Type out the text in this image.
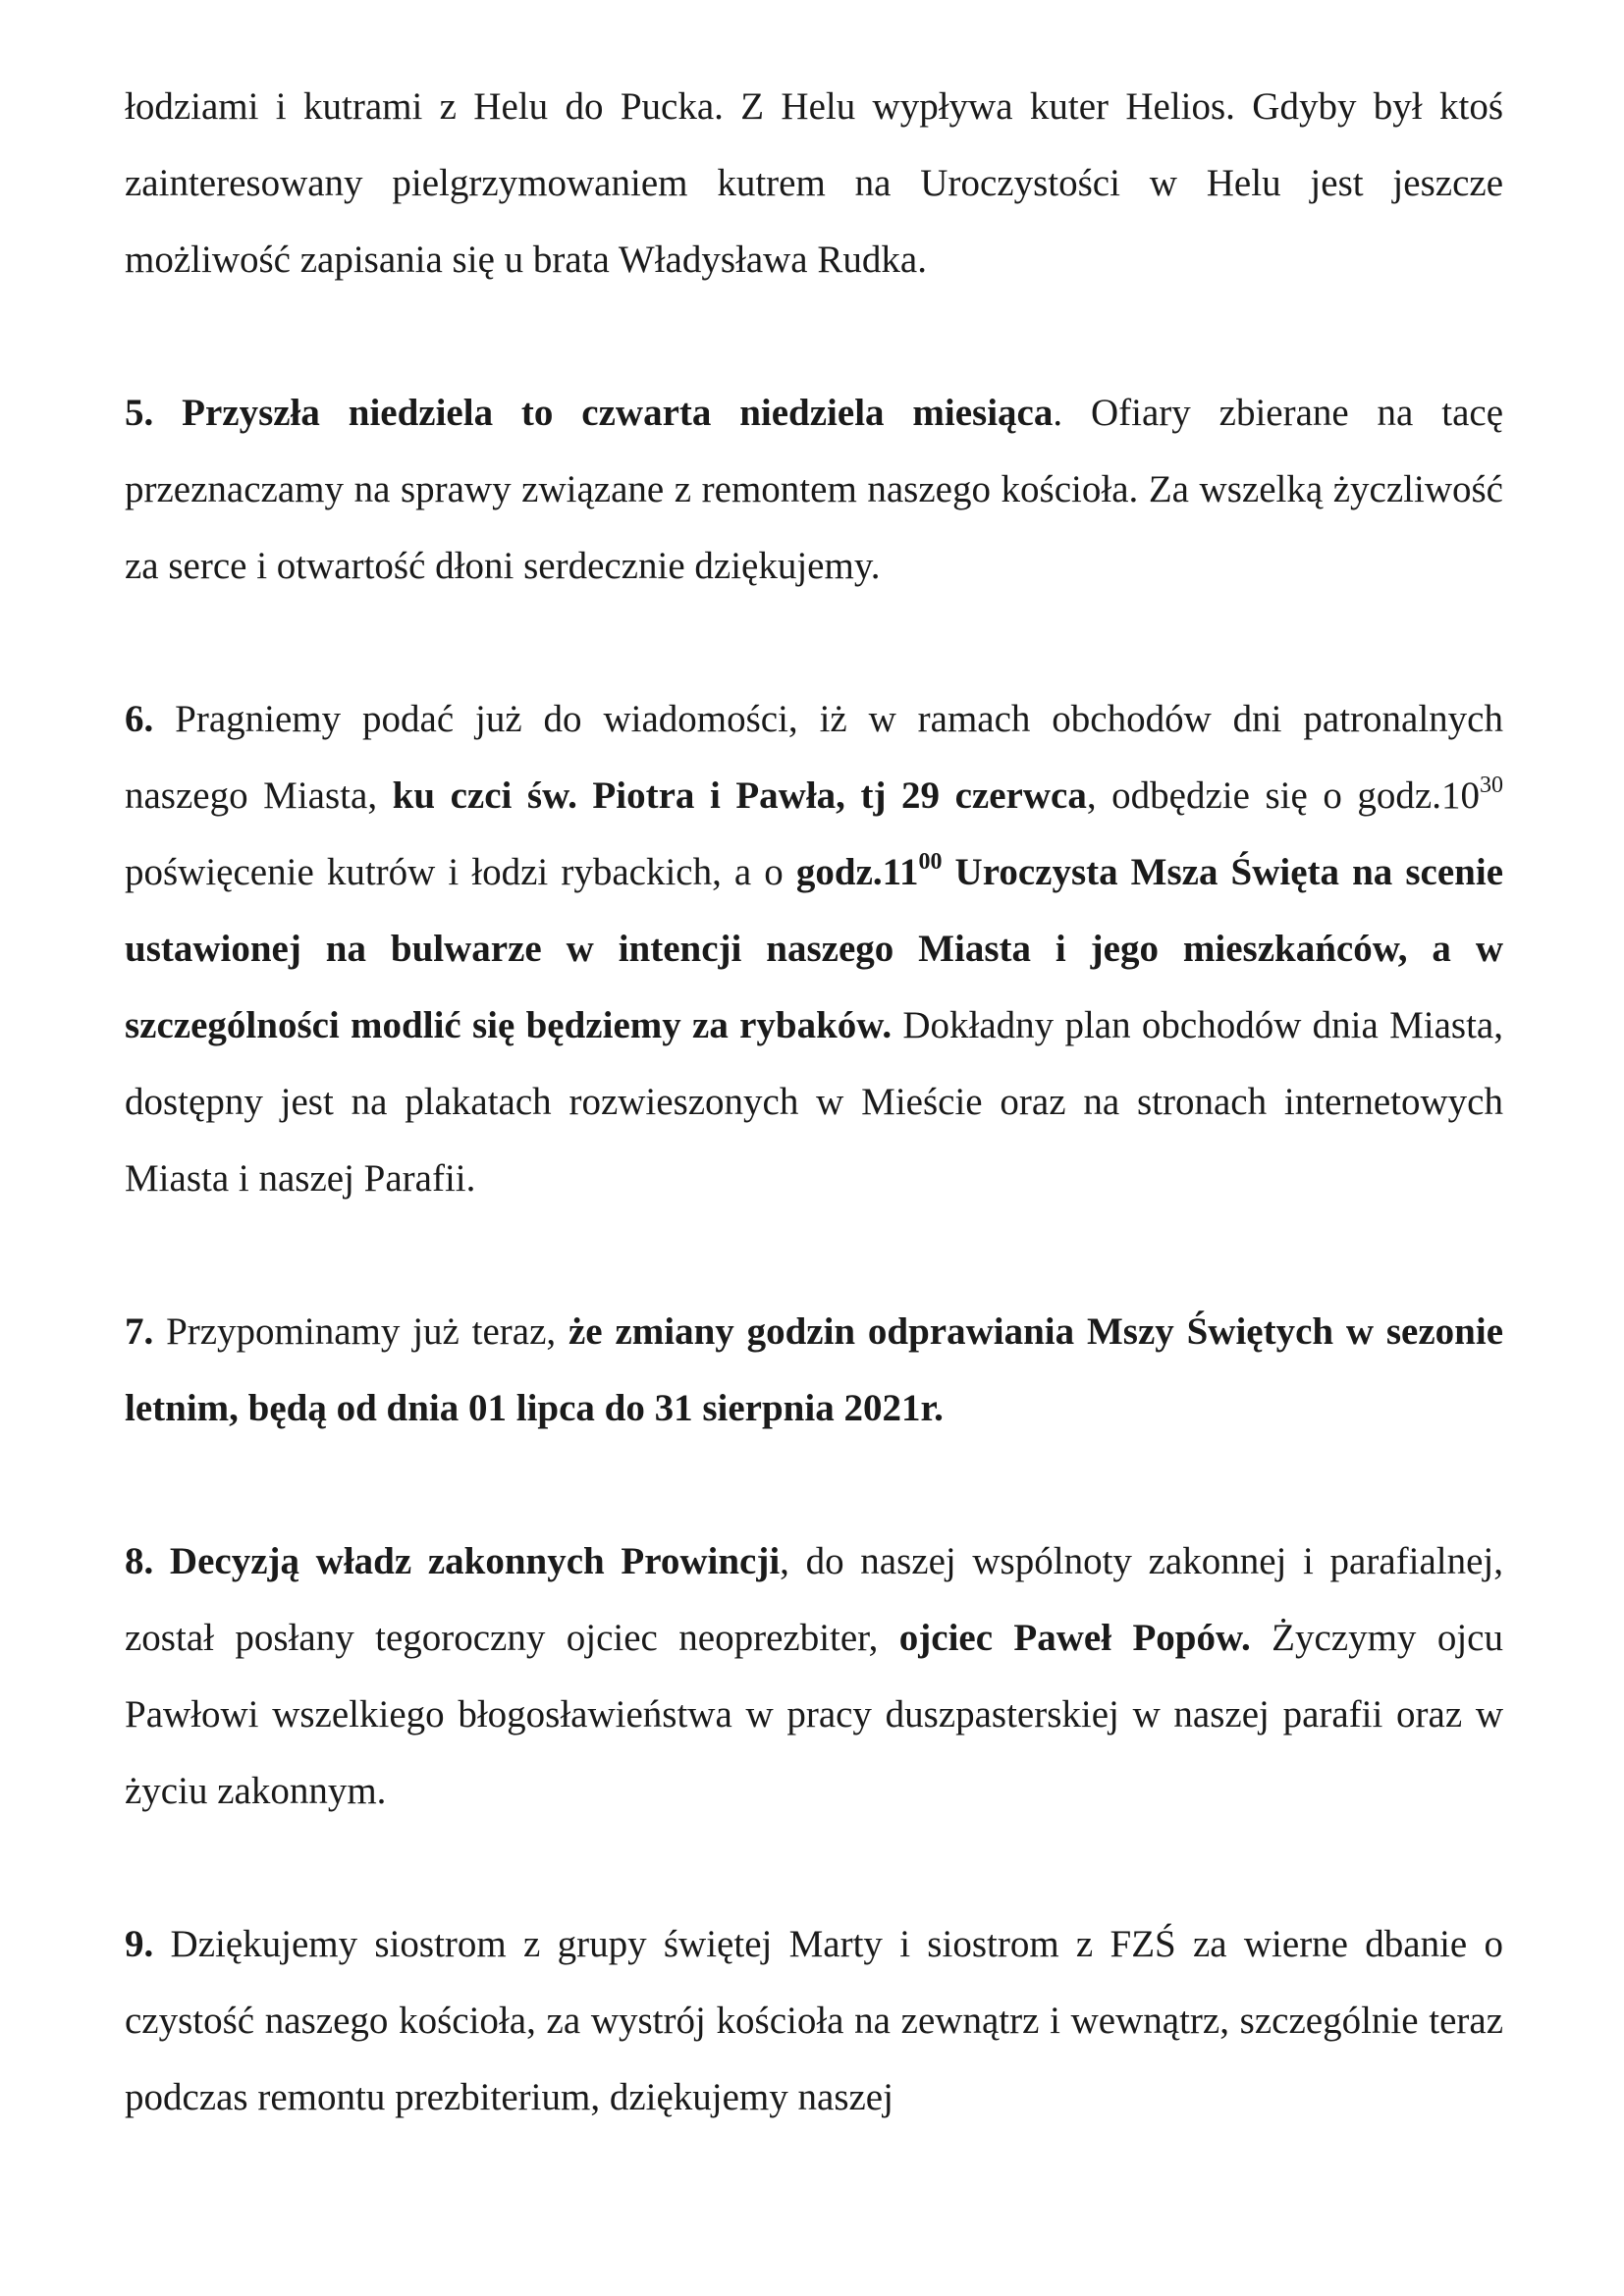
łodziami i kutrami z Helu do Pucka. Z Helu wypływa kuter Helios. Gdyby był ktoś zainteresowany pielgrzymowaniem kutrem na Uroczystości w Helu jest jeszcze możliwość zapisania się u brata Władysława Rudka.

5. Przyszła niedziela to czwarta niedziela miesiąca. Ofiary zbierane na tacę przeznaczamy na sprawy związane z remontem naszego kościoła. Za wszelką życzliwość za serce i otwartość dłoni serdecznie dziękujemy.

6. Pragniemy podać już do wiadomości, iż w ramach obchodów dni patronalnych naszego Miasta, ku czci św. Piotra i Pawła, tj 29 czerwca, odbędzie się o $godz.10^{30}$ poświęcenie kutrów i łodzi rybackich, a o $godz.11^{00}$ Uroczysta Msza Święta na scenie ustawionej na bulwarze w intencji naszego Miasta i jego mieszkańców, a w szczególności modlić się będziemy za rybaków. Dokładny plan obchodów dnia Miasta, dostępny jest na plakatach rozwieszonych w Mieście oraz na stronach internetowych Miasta i naszej Parafii.

7. Przypominamy już teraz, że zmiany godzin odprawiania Mszy Świętych w sezonie letnim, będą od dnia 01 lipca do 31 sierpnia 2021r.

8. Decyzją władz zakonnych Prowincji, do naszej wspólnoty zakonnej i parafialnej, został posłany tegoroczny ojciec neoprezbiter, ojciec Paweł Popów. Życzymy ojcu Pawłowi wszelkiego błogosławieństwa w pracy duszpasterskiej w naszej parafii oraz w życiu zakonnym.

9. Dziękujemy siostrom z grupy świętej Marty i siostrom z FZŚ za wierne dbanie o czystość naszego kościoła, za wystrój kościoła na zewnątrz i wewnątrz, szczególnie teraz podczas remontu prezbiterium, dziękujemy naszej
